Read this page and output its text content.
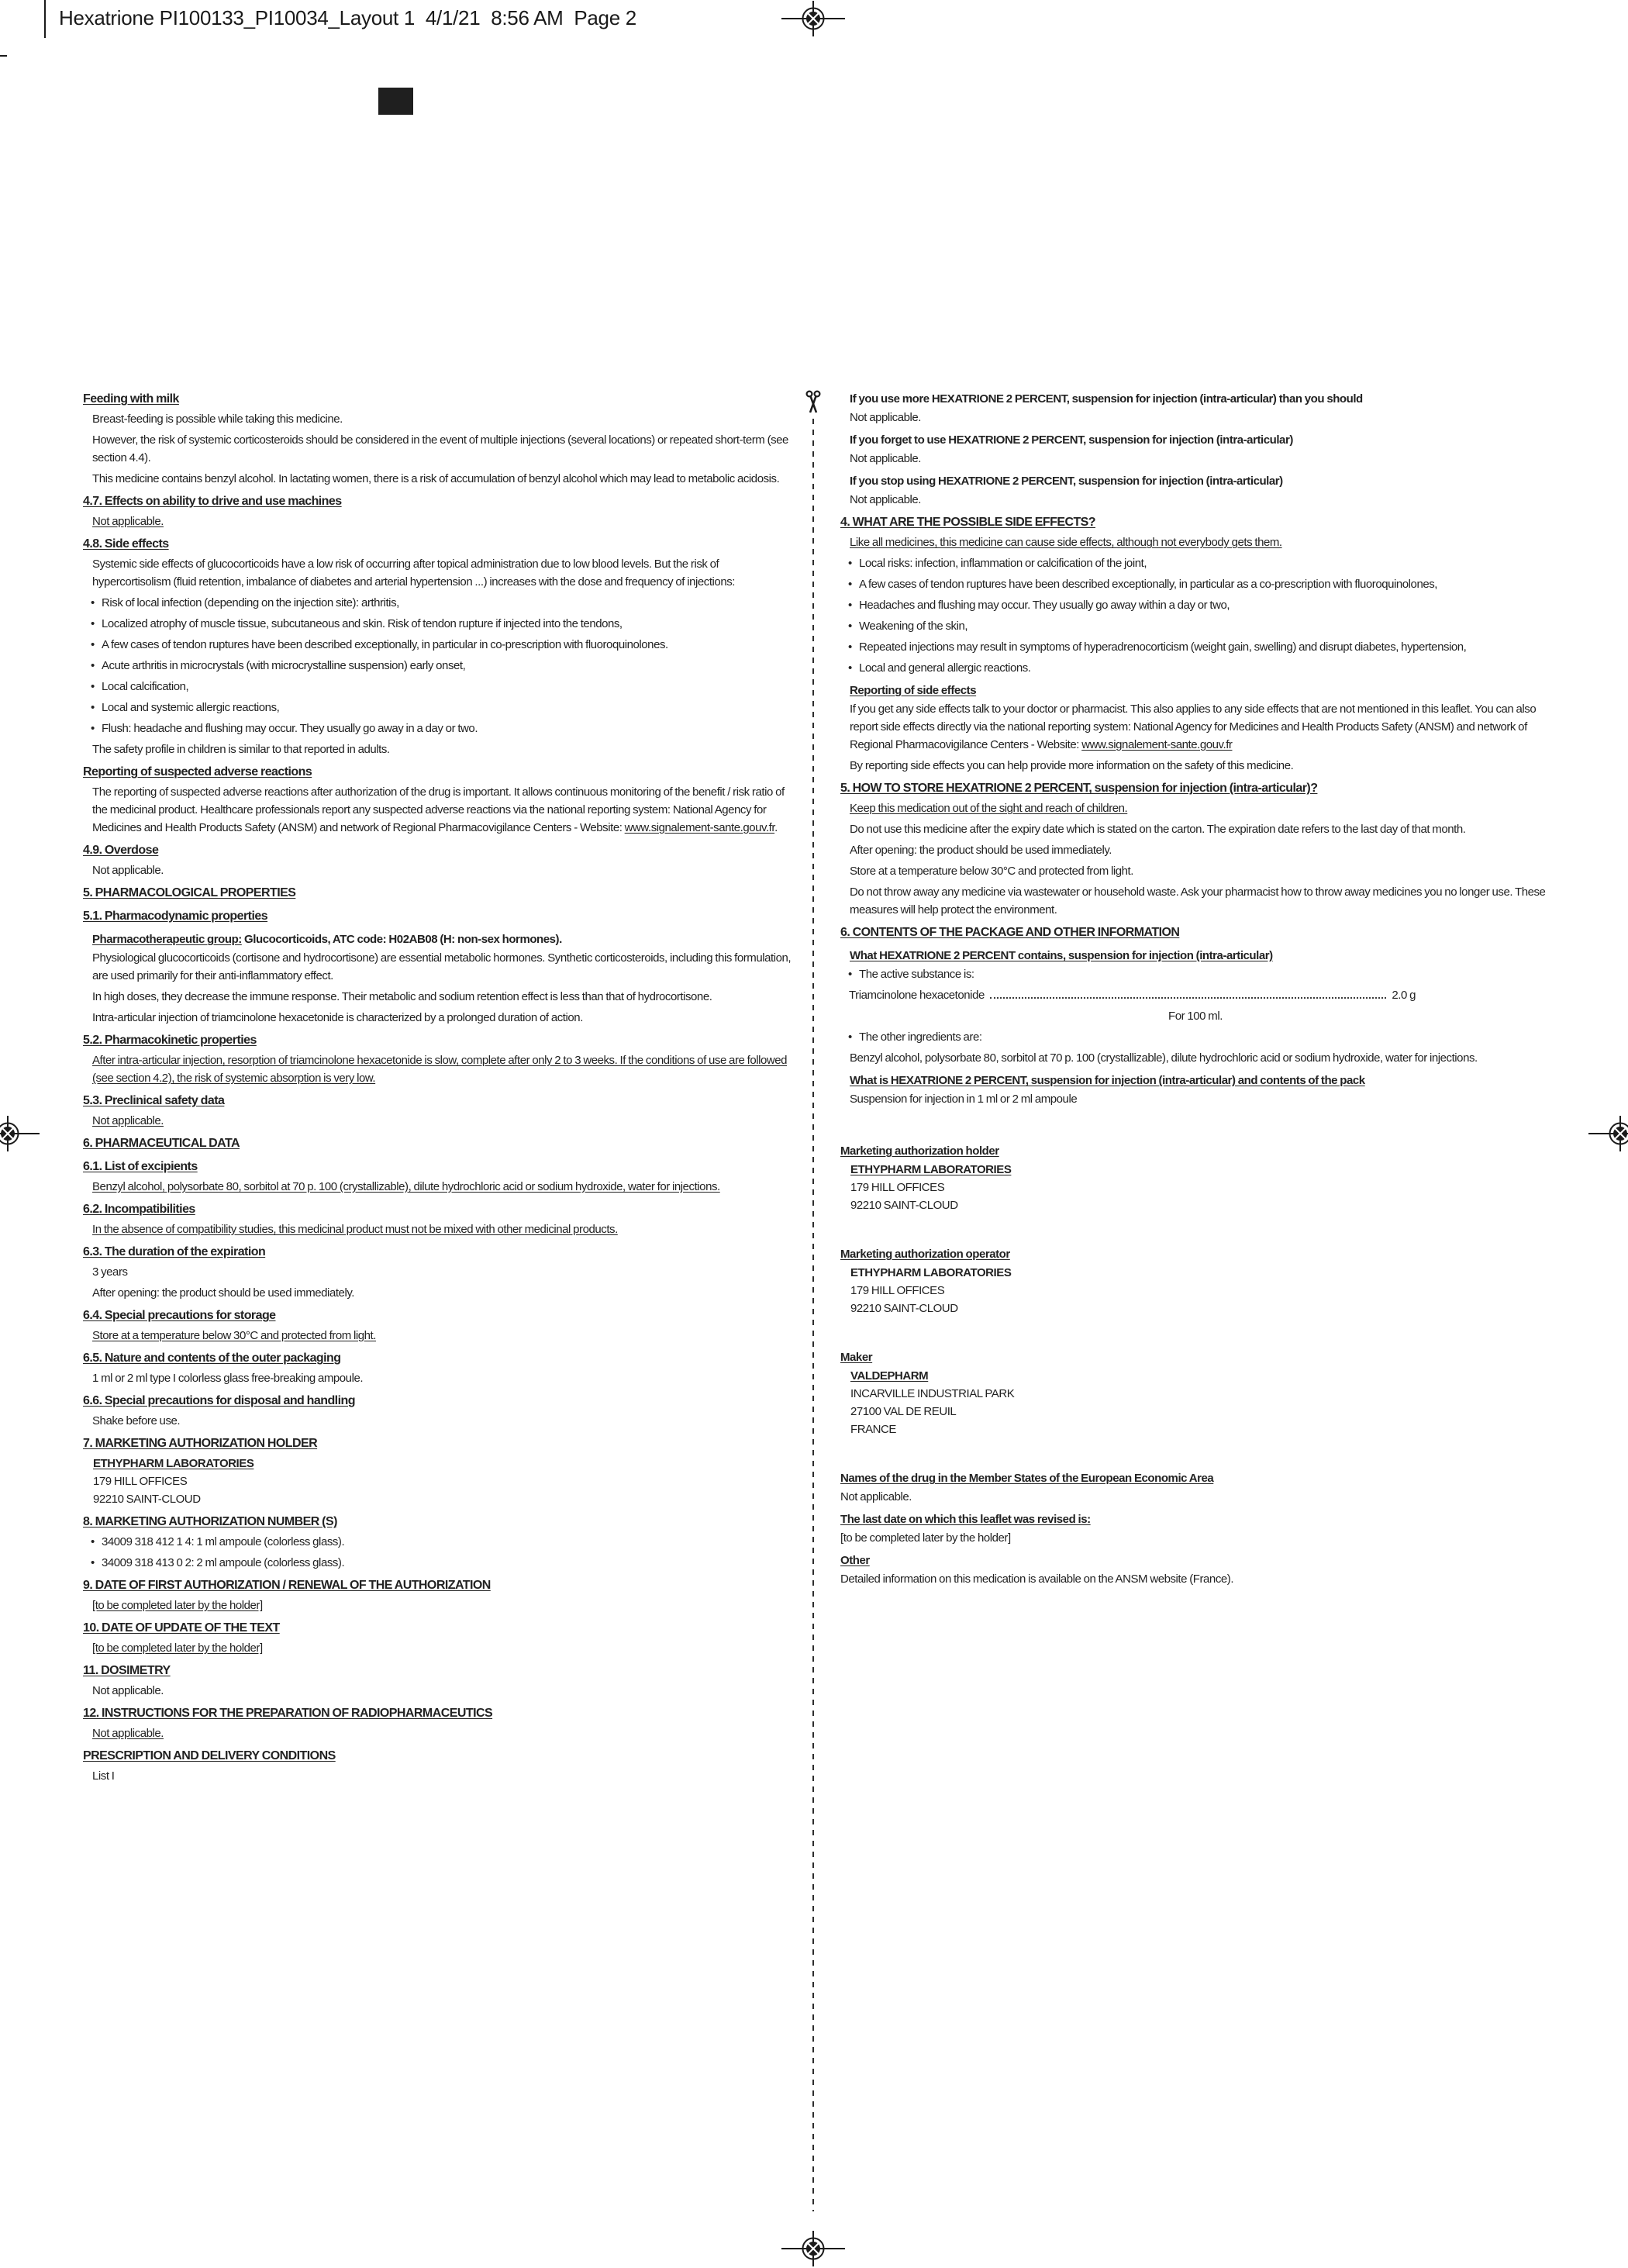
Hexatrione PI100133_PI10034_Layout 1  4/1/21  8:56 AM  Page 2
Feeding with milk
Breast-feeding is possible while taking this medicine.
However, the risk of systemic corticosteroids should be considered in the event of multiple injections (several locations) or repeated short-term (see section 4.4).
This medicine contains benzyl alcohol. In lactating women, there is a risk of accumulation of benzyl alcohol which may lead to metabolic acidosis.
4.7. Effects on ability to drive and use machines
Not applicable.
4.8. Side effects
Systemic side effects of glucocorticoids have a low risk of occurring after topical administration due to low blood levels. But the risk of hypercortisolism (fluid retention, imbalance of diabetes and arterial hypertension ...) increases with the dose and frequency of injections:
• Risk of local infection (depending on the injection site): arthritis,
• Localized atrophy of muscle tissue, subcutaneous and skin. Risk of tendon rupture if injected into the tendons,
• A few cases of tendon ruptures have been described exceptionally, in particular in co-prescription with fluoroquinolones.
• Acute arthritis in microcrystals (with microcrystalline suspension) early onset,
• Local calcification,
• Local and systemic allergic reactions,
• Flush: headache and flushing may occur. They usually go away in a day or two.
The safety profile in children is similar to that reported in adults.
Reporting of suspected adverse reactions
The reporting of suspected adverse reactions after authorization of the drug is important. It allows continuous monitoring of the benefit / risk ratio of the medicinal product. Healthcare professionals report any suspected adverse reactions via the national reporting system: National Agency for Medicines and Health Products Safety (ANSM) and network of Regional Pharmacovigilance Centers - Website: www.signalement-sante.gouv.fr.
4.9. Overdose
Not applicable.
5. PHARMACOLOGICAL PROPERTIES
5.1. Pharmacodynamic properties
Pharmacotherapeutic group: Glucocorticoids, ATC code: H02AB08 (H: non-sex hormones).
Physiological glucocorticoids (cortisone and hydrocortisone) are essential metabolic hormones. Synthetic corticosteroids, including this formulation, are used primarily for their anti-inflammatory effect.
In high doses, they decrease the immune response. Their metabolic and sodium retention effect is less than that of hydrocortisone.
Intra-articular injection of triamcinolone hexacetonide is characterized by a prolonged duration of action.
5.2. Pharmacokinetic properties
After intra-articular injection, resorption of triamcinolone hexacetonide is slow, complete after only 2 to 3 weeks. If the conditions of use are followed (see section 4.2), the risk of systemic absorption is very low.
5.3. Preclinical safety data
Not applicable.
6. PHARMACEUTICAL DATA
6.1. List of excipients
Benzyl alcohol, polysorbate 80, sorbitol at 70 p. 100 (crystallizable), dilute hydrochloric acid or sodium hydroxide, water for injections.
6.2. Incompatibilities
In the absence of compatibility studies, this medicinal product must not be mixed with other medicinal products.
6.3. The duration of the expiration
3 years
After opening: the product should be used immediately.
6.4. Special precautions for storage
Store at a temperature below 30°C and protected from light.
6.5. Nature and contents of the outer packaging
1 ml or 2 ml type I colorless glass free-breaking ampoule.
6.6. Special precautions for disposal and handling
Shake before use.
7. MARKETING AUTHORIZATION HOLDER
ETHYPHARM LABORATORIES
179 HILL OFFICES
92210 SAINT-CLOUD
8. MARKETING AUTHORIZATION NUMBER (S)
• 34009 318 412 1 4: 1 ml ampoule (colorless glass).
• 34009 318 413 0 2: 2 ml ampoule (colorless glass).
9. DATE OF FIRST AUTHORIZATION / RENEWAL OF THE AUTHORIZATION
[to be completed later by the holder]
10. DATE OF UPDATE OF THE TEXT
[to be completed later by the holder]
11. DOSIMETRY
Not applicable.
12. INSTRUCTIONS FOR THE PREPARATION OF RADIOPHARMACEUTICS
Not applicable.
PRESCRIPTION AND DELIVERY CONDITIONS
List I
If you use more HEXATRIONE 2 PERCENT, suspension for injection (intra-articular) than you should
Not applicable.
If you forget to use HEXATRIONE 2 PERCENT, suspension for injection (intra-articular)
Not applicable.
If you stop using HEXATRIONE 2 PERCENT, suspension for injection (intra-articular)
Not applicable.
4. WHAT ARE THE POSSIBLE SIDE EFFECTS?
Like all medicines, this medicine can cause side effects, although not everybody gets them.
• Local risks: infection, inflammation or calcification of the joint,
• A few cases of tendon ruptures have been described exceptionally, in particular as a co-prescription with fluoroquinolones,
• Headaches and flushing may occur. They usually go away within a day or two,
• Weakening of the skin,
• Repeated injections may result in symptoms of hyperadrenocorticism (weight gain, swelling) and disrupt diabetes, hypertension,
• Local and general allergic reactions.
Reporting of side effects
If you get any side effects talk to your doctor or pharmacist. This also applies to any side effects that are not mentioned in this leaflet. You can also report side effects directly via the national reporting system: National Agency for Medicines and Health Products Safety (ANSM) and network of Regional Pharmacovigilance Centers - Website: www.signalement-sante.gouv.fr
By reporting side effects you can help provide more information on the safety of this medicine.
5. HOW TO STORE HEXATRIONE 2 PERCENT, suspension for injection (intra-articular)?
Keep this medication out of the sight and reach of children.
Do not use this medicine after the expiry date which is stated on the carton. The expiration date refers to the last day of that month.
After opening: the product should be used immediately.
Store at a temperature below 30°C and protected from light.
Do not throw away any medicine via wastewater or household waste. Ask your pharmacist how to throw away medicines you no longer use. These measures will help protect the environment.
6. CONTENTS OF THE PACKAGE AND OTHER INFORMATION
What HEXATRIONE 2 PERCENT contains, suspension for injection (intra-articular)
• The active substance is:
Triamcinolone hexacetonide	2.0 g
For 100 ml.
• The other ingredients are:
Benzyl alcohol, polysorbate 80, sorbitol at 70 p. 100 (crystallizable), dilute hydrochloric acid or sodium hydroxide, water for injections.
What is HEXATRIONE 2 PERCENT, suspension for injection (intra-articular) and contents of the pack
Suspension for injection in 1 ml or 2 ml ampoule
Marketing authorization holder
ETHYPHARM LABORATORIES
179 HILL OFFICES
92210 SAINT-CLOUD
Marketing authorization operator
ETHYPHARM LABORATORIES
179 HILL OFFICES
92210 SAINT-CLOUD
Maker
VALDEPHARM
INCARVILLE INDUSTRIAL PARK
27100 VAL DE REUIL
FRANCE
Names of the drug in the Member States of the European Economic Area
Not applicable.
The last date on which this leaflet was revised is:
[to be completed later by the holder]
Other
Detailed information on this medication is available on the ANSM website (France).
